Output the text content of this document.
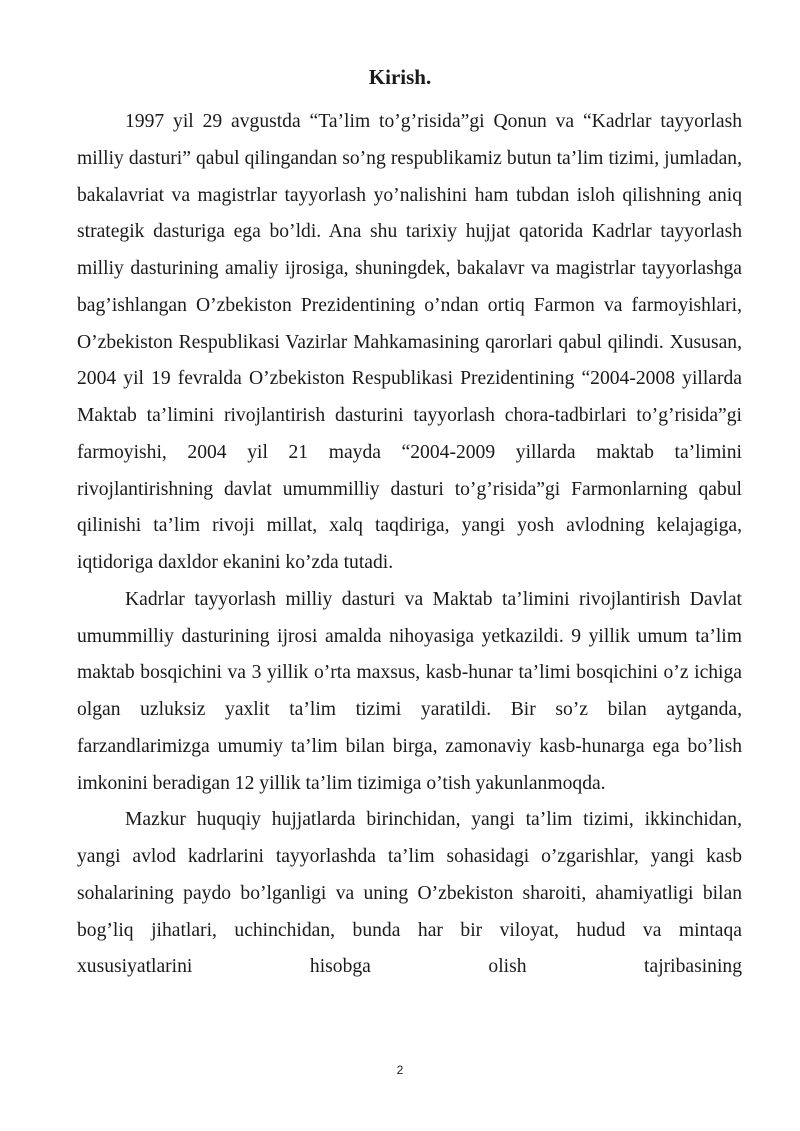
Kirish.

1997 yil 29 avgustda “Ta’lim to’g’risida”gi Qonun va “Kadrlar tayyorlash milliy dasturi” qabul qilingandan so’ng respublikamiz butun ta’lim tizimi, jumladan, bakalavriat va magistrlar tayyorlash yo’nalishini ham tubdan isloh qilishning aniq strategik dasturiga ega bo’ldi. Ana shu tarixiy hujjat qatorida Kadrlar tayyorlash milliy dasturining amaliy ijrosiga, shuningdek, bakalavr va magistrlar tayyorlashga bag’ishlangan O’zbekiston Prezidentining o’ndan ortiq Farmon va farmoyishlari, O’zbekiston Respublikasi Vazirlar Mahkamasining qarorlari qabul qilindi. Xususan, 2004 yil 19 fevralda O’zbekiston Respublikasi Prezidentining “2004-2008 yillarda Maktab ta’limini rivojlantirish dasturini tayyorlash chora-tadbirlari to’g’risida”gi farmoyishi, 2004 yil 21 mayda “2004-2009 yillarda maktab ta’limini rivojlantirishning davlat umummilliy dasturi to’g’risida”gi Farmonlarning qabul qilinishi ta’lim rivoji millat, xalq taqdiriga, yangi yosh avlodning kelajagiga, iqtidoriga daxldor ekanini ko’zda tutadi.

Kadrlar tayyorlash milliy dasturi va Maktab ta’limini rivojlantirish Davlat umummilliy dasturining ijrosi amalda nihoyasiga yetkazildi. 9 yillik umum ta’lim maktab bosqichini va 3 yillik o’rta maxsus, kasb-hunar ta’limi bosqichini o’z ichiga olgan uzluksiz yaxlit ta’lim tizimi yaratildi. Bir so’z bilan aytganda, farzandlarimizga umumiy ta’lim bilan birga, zamonaviy kasb-hunarga ega bo’lish imkonini beradigan 12 yillik ta’lim tizimiga o’tish yakunlanmoqda.

Mazkur huquqiy hujjatlarda birinchidan, yangi ta’lim tizimi, ikkinchidan, yangi avlod kadrlarini tayyorlashda ta’lim sohasidagi o’zgarishlar, yangi kasb sohalarining paydo bo’lganligi va uning O’zbekiston sharoiti, ahamiyatligi bilan bog’liq jihatlari, uchinchidan, bunda har bir viloyat, hudud va mintaqa xususiyatlarini hisobga olish tajribasining

2
